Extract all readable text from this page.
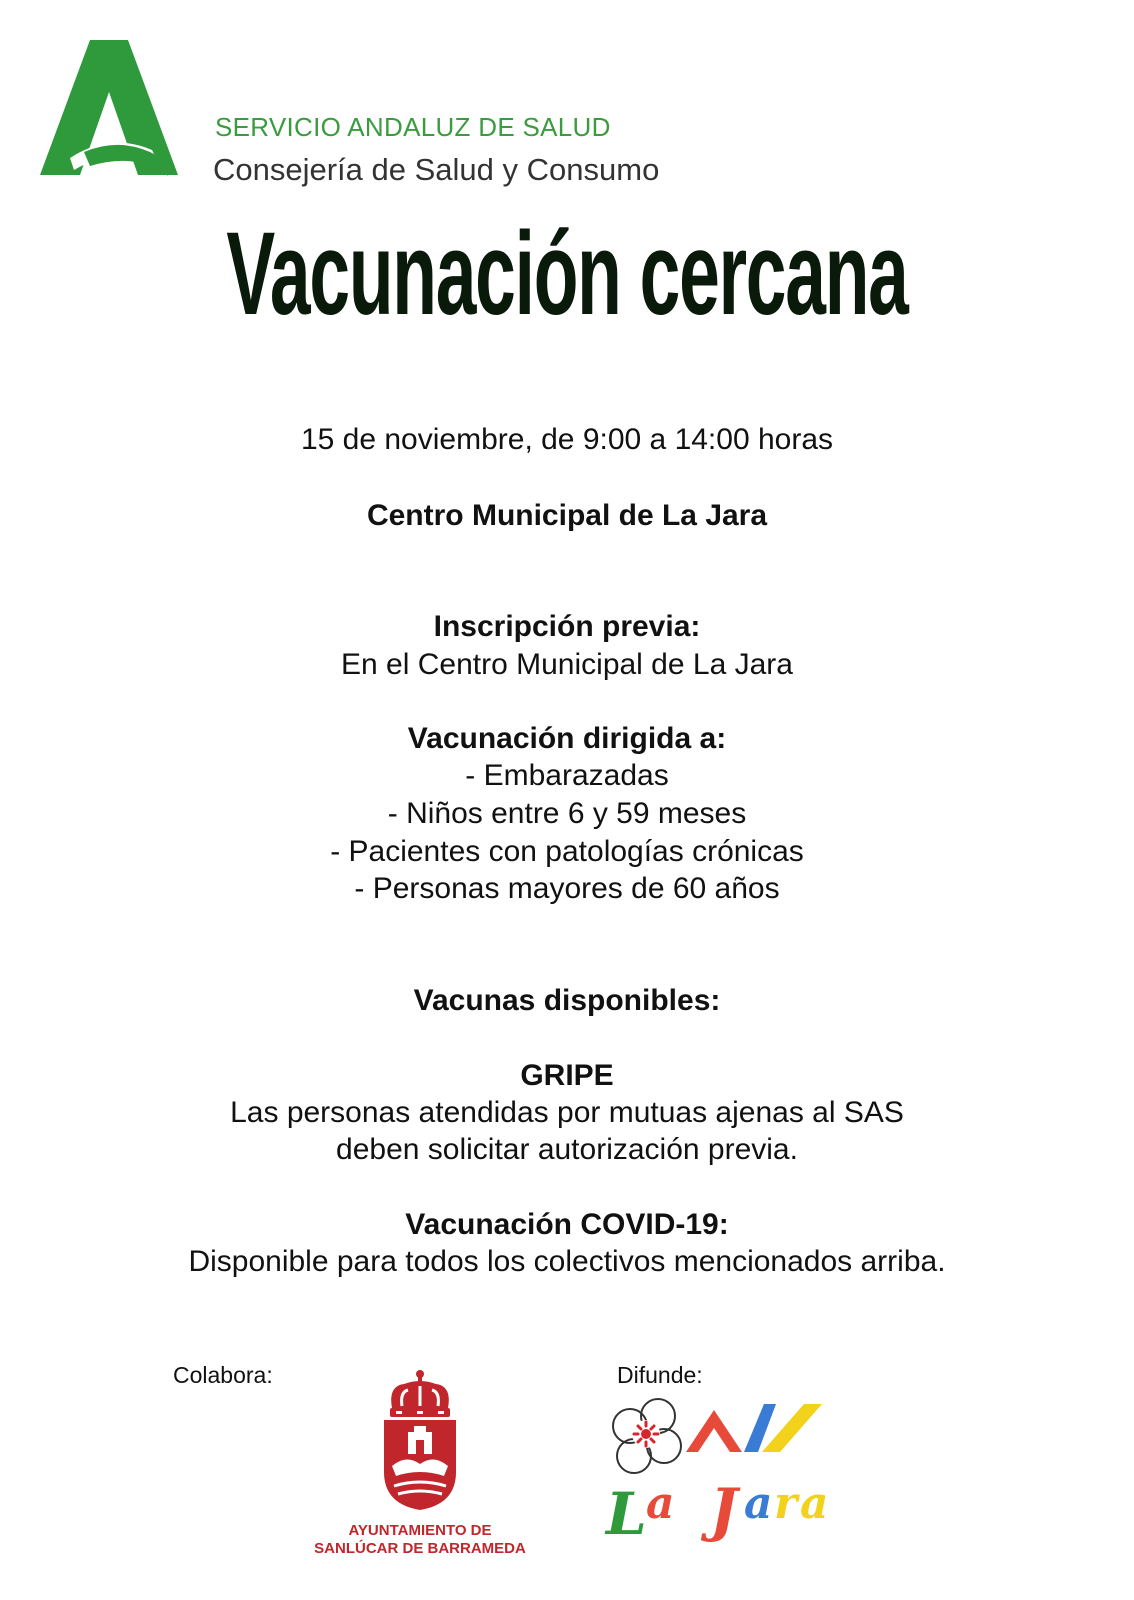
SERVICIO ANDALUZ DE SALUD
Consejería de Salud y Consumo
Vacunación cercana
15 de noviembre, de 9:00 a 14:00 horas
Centro Municipal de La Jara
Inscripción previa:
En el Centro Municipal de La Jara
Vacunación dirigida a:
- Embarazadas
- Niños entre 6 y 59 meses
- Pacientes con patologías crónicas
- Personas mayores de 60 años
Vacunas disponibles:
GRIPE
Las personas atendidas por mutuas ajenas al SAS
deben solicitar autorización previa.
Vacunación COVID-19:
Disponible para todos los colectivos mencionados arriba.
Colabora:	Difunde:
AYUNTAMIENTO DE
SANLÚCAR DE BARRAMEDA
L a J a r a
